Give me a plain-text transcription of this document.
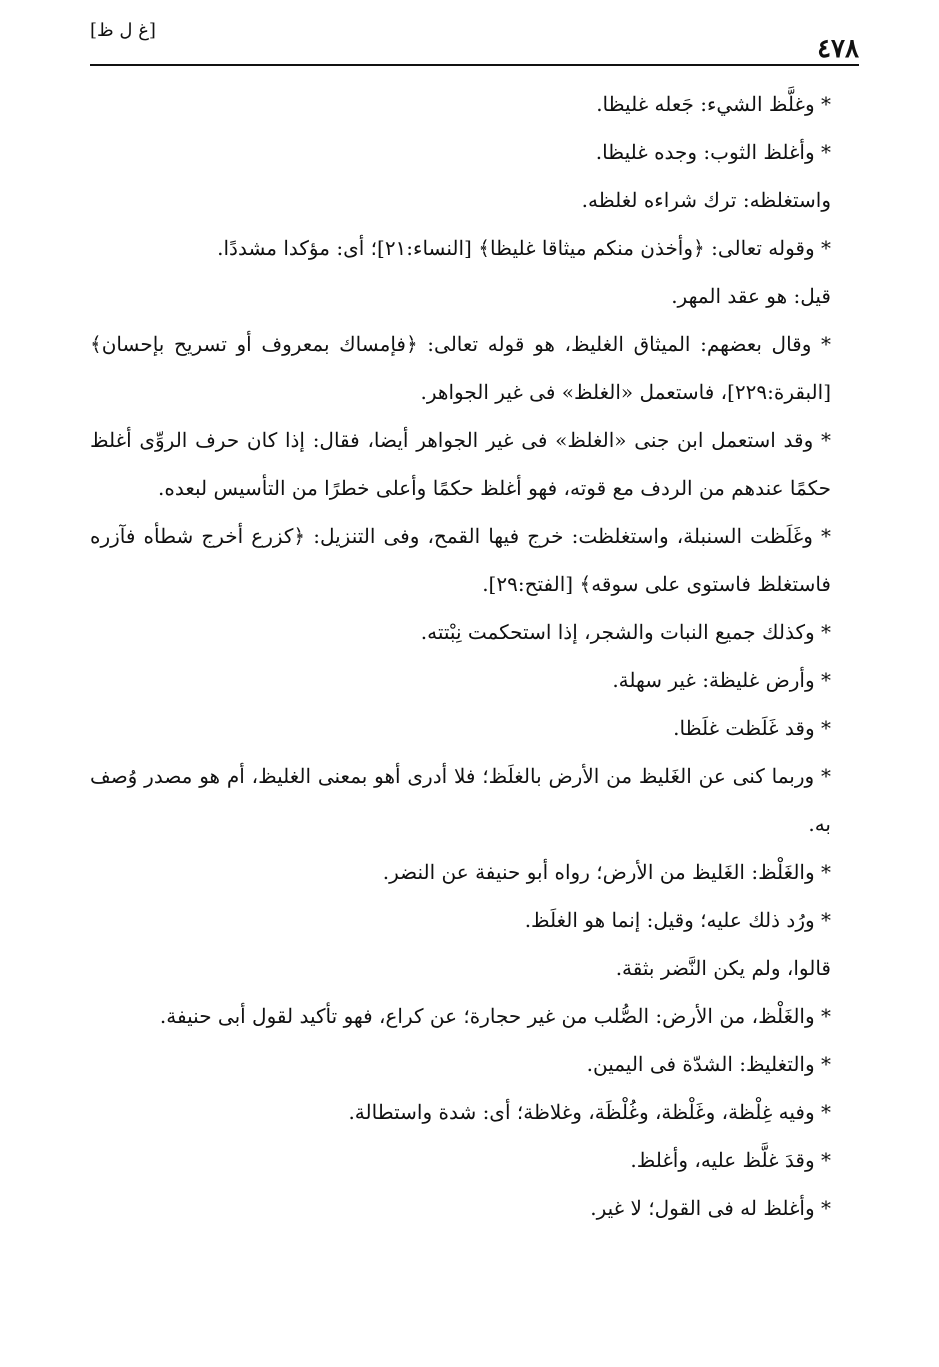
٤٧٨
[غ ل ظ]

* وغلَّظ الشيء: جَعله غليظا.

* وأغلظ الثوب: وجده غليظا.

واستغلظه: ترك شراءه لغلظه.

* وقوله تعالى: ﴿وأخذن منكم ميثاقا غليظا﴾ [النساء:٢١]؛ أى: مؤكدا مشددًا.

قيل: هو عقد المهر.

* وقال بعضهم: الميثاق الغليظ، هو قوله تعالى: ﴿فإمساك بمعروف أو تسريح بإحسان﴾ [البقرة:٢٢٩]، فاستعمل «الغلظ» فى غير الجواهر.

* وقد استعمل ابن جنى «الغلظ» فى غير الجواهر أيضا، فقال: إذا كان حرف الروِّى أغلظ حكمًا عندهم من الردف مع قوته، فهو أغلظ حكمًا وأعلى خطرًا من التأسيس لبعده.

* وغَلَظت السنبلة، واستغلظت: خرج فيها القمح، وفى التنزيل: ﴿كزرع أخرج شطأه فآزره فاستغلظ فاستوى على سوقه﴾ [الفتح:٢٩].

* وكذلك جميع النبات والشجر، إذا استحكمت نِبْتته.

* وأرض غليظة: غير سهلة.

* وقد غَلَظت غلَظا.

* وربما كنى عن الغَليظ من الأرض بالغلَظ؛ فلا أدرى أهو بمعنى الغليظ، أم هو مصدر وُصف به.

* والغَلْظ: الغَليظ من الأرض؛ رواه أبو حنيفة عن النضر.

* ورُد ذلك عليه؛ وقيل: إنما هو الغلَظ.

قالوا، ولم يكن النَّضر بثقة.

* والغَلْظ، من الأرض: الصُّلب من غير حجارة؛ عن كراع، فهو تأكيد لقول أبى حنيفة.

* والتغليظ: الشدّة فى اليمين.

* وفيه غِلْظة، وغَلْظة، وغُلْظَة، وغلاظة؛ أى: شدة واستطالة.

* وقدَ غلَّظ عليه، وأغلظ.

* وأغلظ له فى القول؛ لا غير.
